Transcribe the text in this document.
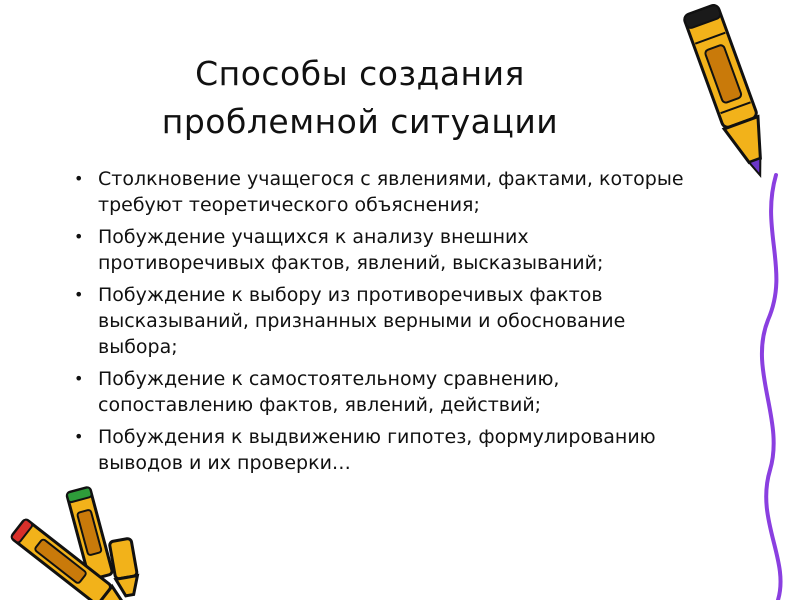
Способы создания
проблемной ситуации
• Столкновение учащегося с явлениями, фактами, которые
требуют теоретического объяснения;
• Побуждение учащихся к анализу внешних
противоречивых фактов, явлений, высказываний;
• Побуждение к выбору из противоречивых фактов
высказываний, признанных верными и обоснование
выбора;
• Побуждение к самостоятельному сравнению,
сопоставлению фактов, явлений, действий;
• Побуждения к выдвижению гипотез, формулированию
выводов и их проверки…
